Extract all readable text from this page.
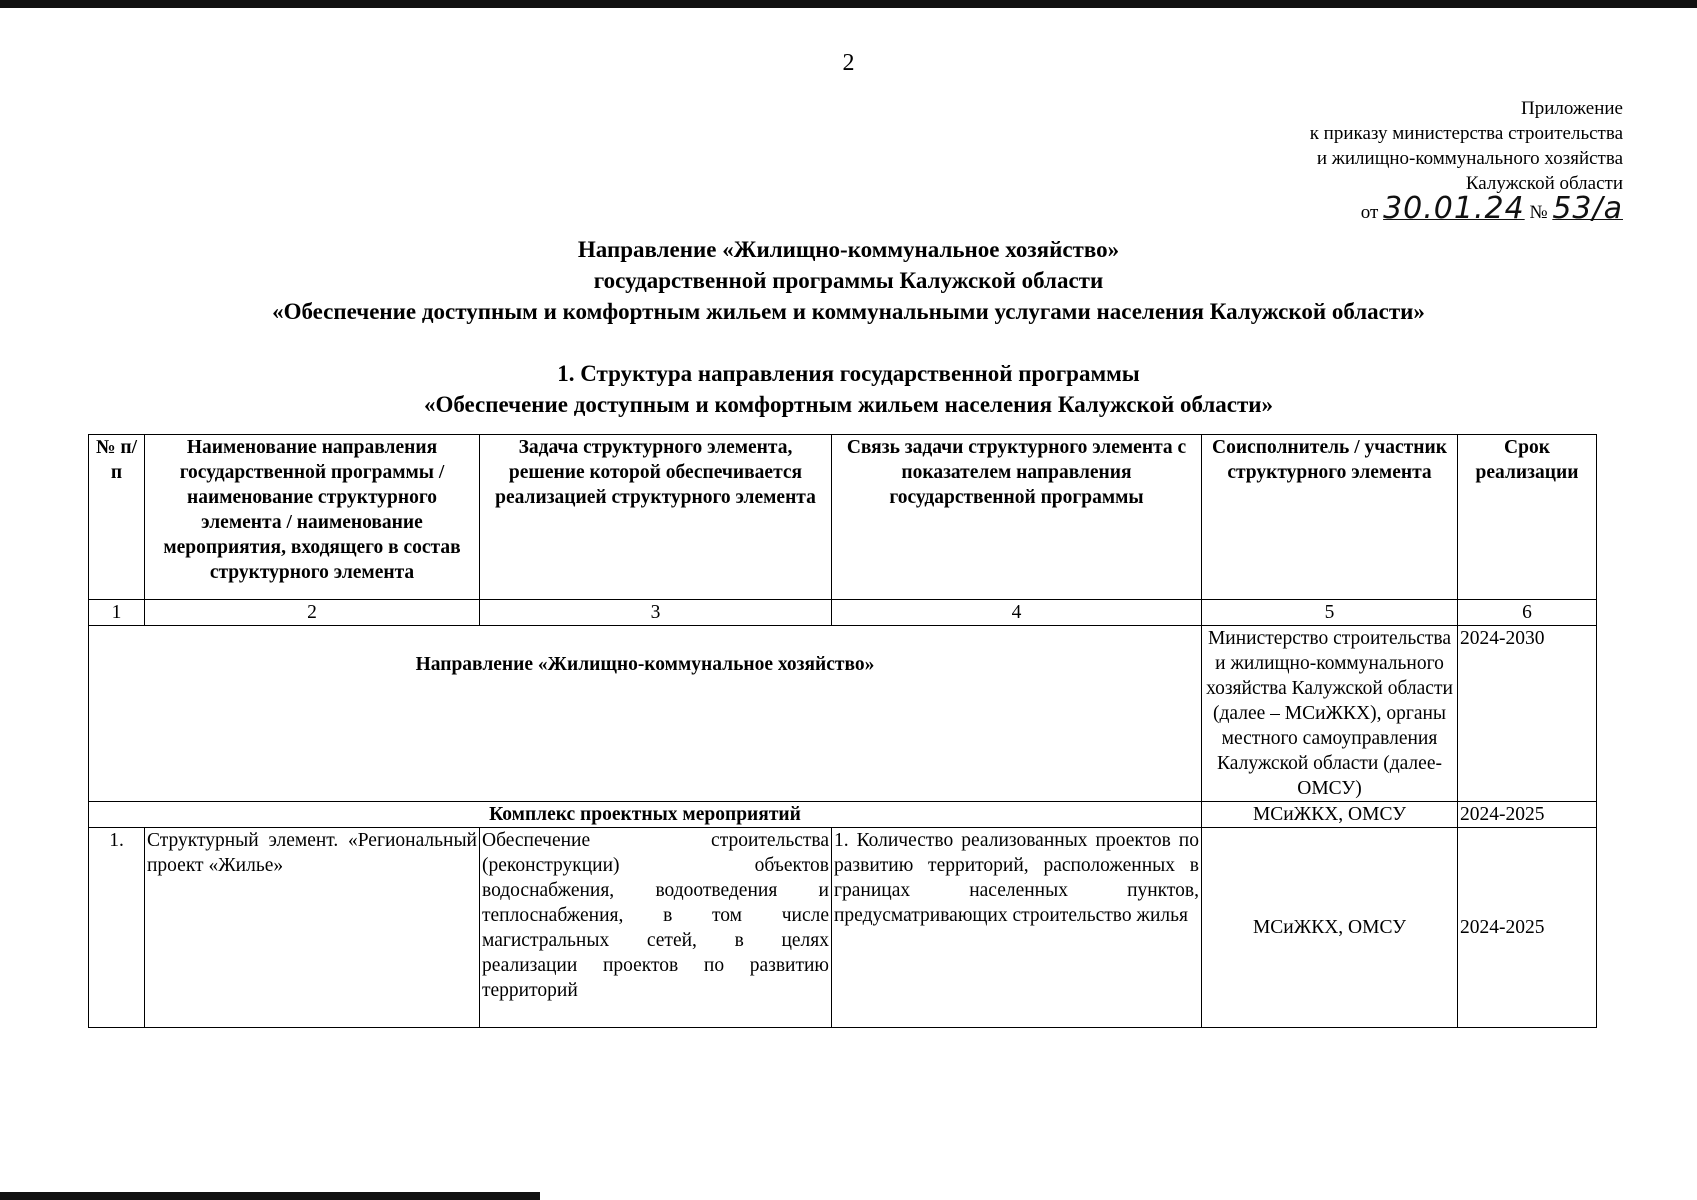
2
Приложение
к приказу министерства строительства
и жилищно-коммунального хозяйства
Калужской области
от 30.01.24 № 53/а
Направление «Жилищно-коммунальное хозяйство»
государственной программы Калужской области
«Обеспечение доступным и комфортным жильем и коммунальными услугами населения Калужской области»
1. Структура направления государственной программы
«Обеспечение доступным и комфортным жильем населения Калужской области»
№ п/п	Наименование направления государственной программы / наименование структурного элемента / наименование мероприятия, входящего в состав структурного элемента	Задача структурного элемента, решение которой обеспечивается реализацией структурного элемента	Связь задачи структурного элемента с показателем направления государственной программы	Соисполнитель / участник структурного элемента	Срок реализации
1	2	3	4	5	6
Направление «Жилищно-коммунальное хозяйство»				Министерство строительства и жилищно-коммунального хозяйства Калужской области (далее – МСиЖКХ), органы местного самоуправления Калужской области (далее-ОМСУ)	2024-2030
Комплекс проектных мероприятий				МСиЖКХ, ОМСУ	2024-2025
1.	Структурный элемент. «Региональный проект «Жилье»	Обеспечение строительства (реконструкции) объектов водоснабжения, водоотведения и теплоснабжения, в том числе магистральных сетей, в целях реализации проектов по развитию территорий	1. Количество реализованных проектов по развитию территорий, расположенных в границах населенных пунктов, предусматривающих строительство жилья	МСиЖКХ, ОМСУ	2024-2025
